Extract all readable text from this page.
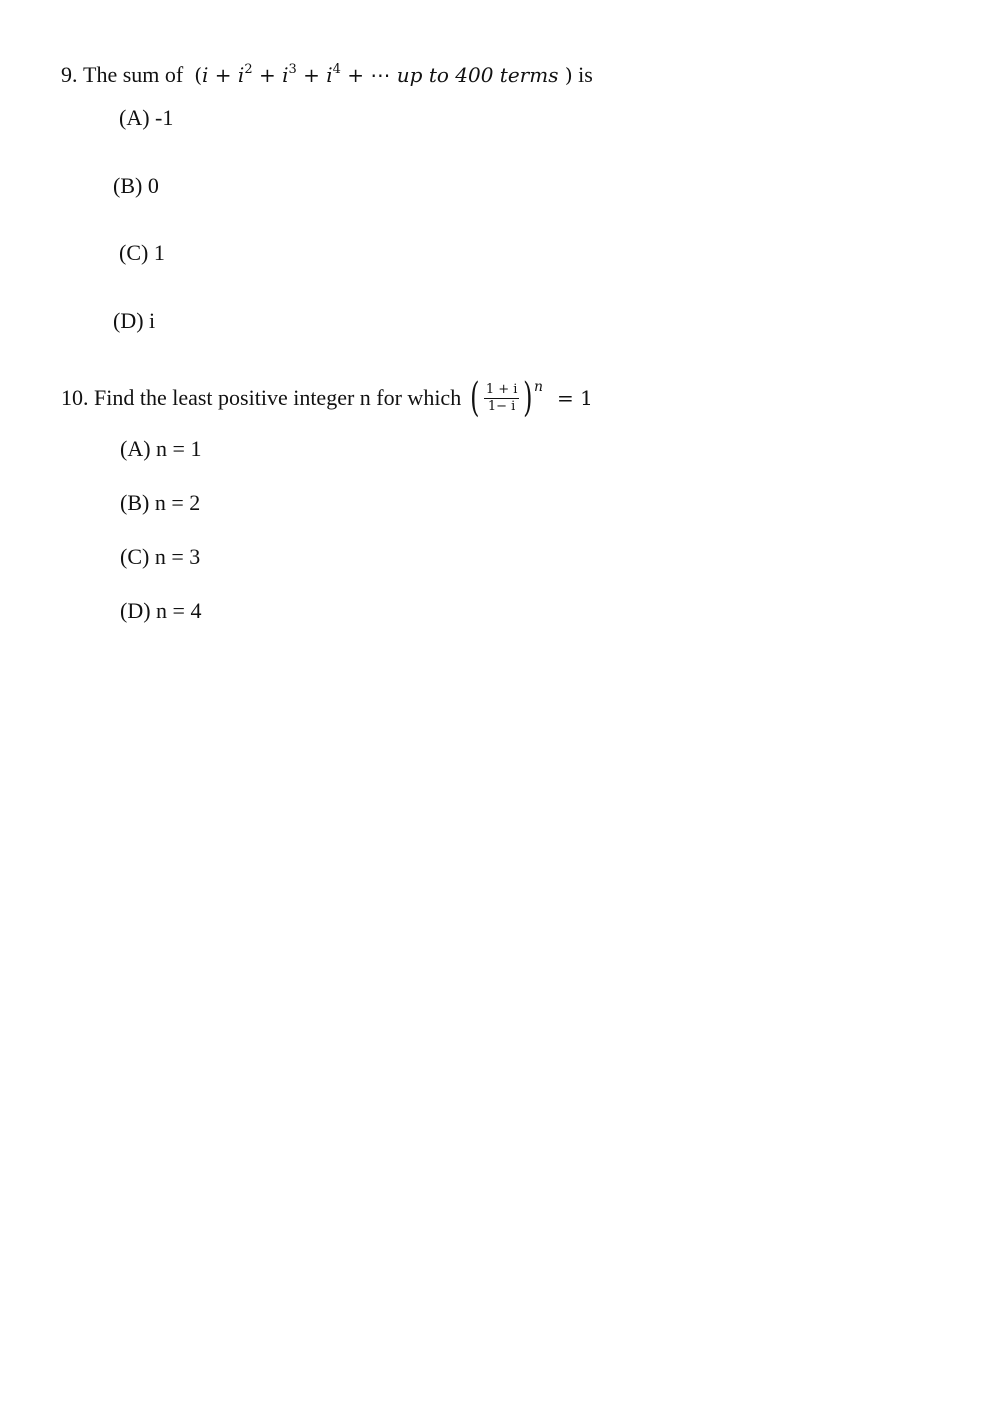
9.
The sum of
($i + i^2 + i^3 + i^4$ + ⋯ up to 400 terms )
is
(A) -1
(B) 0
(C) 1
(D) i
10.
Find the least positive integer n for which ( $\frac{1 + i}{1- i}$ ) n = 1
(A) n = 1
(B) n = 2
(C) n = 3
(D) n = 4
